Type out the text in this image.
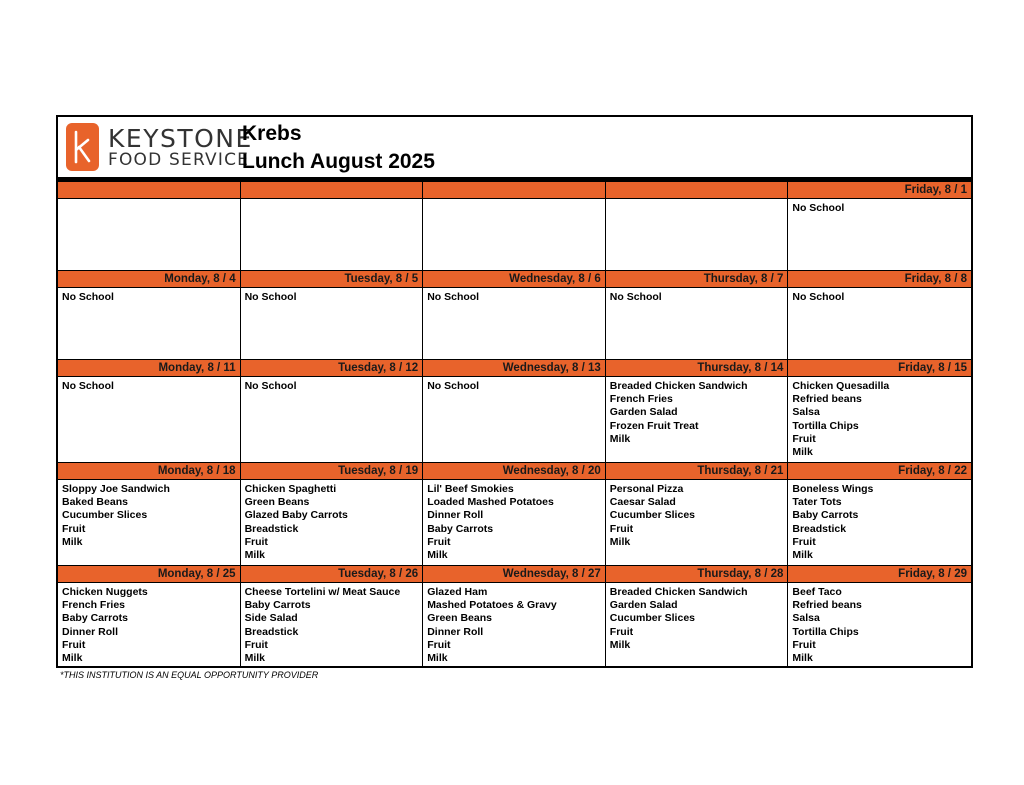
KEYSTONE
FOOD SERVICE
Krebs
Lunch August 2025
Friday, 8 / 1
No School
Monday, 8 / 4
No School
Tuesday, 8 / 5
No School
Wednesday, 8 / 6
No School
Thursday, 8 / 7
No School
Friday, 8 / 8
No School
Monday, 8 / 11
No School
Tuesday, 8 / 12
No School
Wednesday, 8 / 13
No School
Thursday, 8 / 14
Breaded Chicken Sandwich
French Fries
Garden Salad
Frozen Fruit Treat
Milk
Friday, 8 / 15
Chicken Quesadilla
Refried beans
Salsa
Tortilla Chips
Fruit
Milk
Monday, 8 / 18
Sloppy Joe Sandwich
Baked Beans
Cucumber Slices
Fruit
Milk
Tuesday, 8 / 19
Chicken Spaghetti
Green Beans
Glazed Baby Carrots
Breadstick
Fruit
Milk
Wednesday, 8 / 20
Lil' Beef Smokies
Loaded Mashed Potatoes
Dinner Roll
Baby Carrots
Fruit
Milk
Thursday, 8 / 21
Personal Pizza
Caesar Salad
Cucumber Slices
Fruit
Milk
Friday, 8 / 22
Boneless Wings
Tater Tots
Baby Carrots
Breadstick
Fruit
Milk
Monday, 8 / 25
Chicken Nuggets
French Fries
Baby Carrots
Dinner Roll
Fruit
Milk
Tuesday, 8 / 26
Cheese Tortelini w/ Meat Sauce
Baby Carrots
Side Salad
Breadstick
Fruit
Milk
Wednesday, 8 / 27
Glazed Ham
Mashed Potatoes & Gravy
Green Beans
Dinner Roll
Fruit
Milk
Thursday, 8 / 28
Breaded Chicken Sandwich
Garden Salad
Cucumber Slices
Fruit
Milk
Friday, 8 / 29
Beef Taco
Refried beans
Salsa
Tortilla Chips
Fruit
Milk
*THIS INSTITUTION IS AN EQUAL OPPORTUNITY PROVIDER
